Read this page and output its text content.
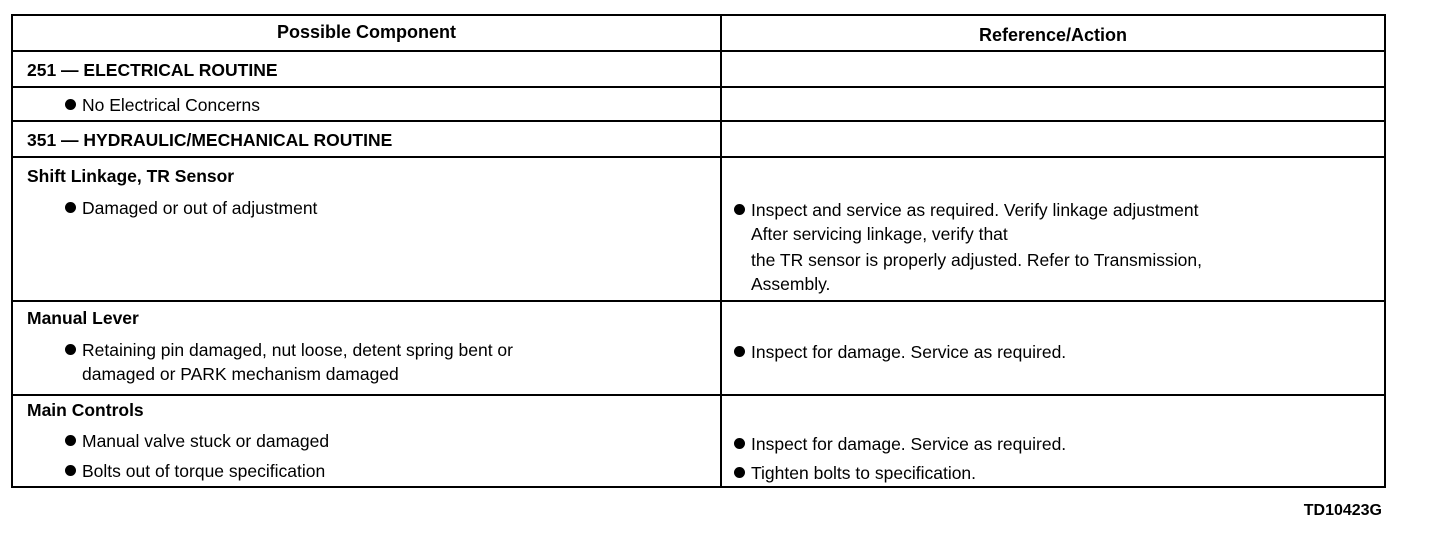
Possible Component	Reference/Action
251 — ELECTRICAL ROUTINE
No Electrical Concerns
351 — HYDRAULIC/MECHANICAL ROUTINE
Shift Linkage, TR Sensor
Damaged or out of adjustment	Inspect and service as required. Verify linkage adjustment
After servicing linkage, verify that
the TR sensor is properly adjusted. Refer to Transmission,
Assembly.
Manual Lever
Retaining pin damaged, nut loose, detent spring bent or
damaged or PARK mechanism damaged
Inspect for damage. Service as required.
Main Controls
Manual valve stuck or damaged
Bolts out of torque specification
Inspect for damage. Service as required.
Tighten bolts to specification.
TD10423G
